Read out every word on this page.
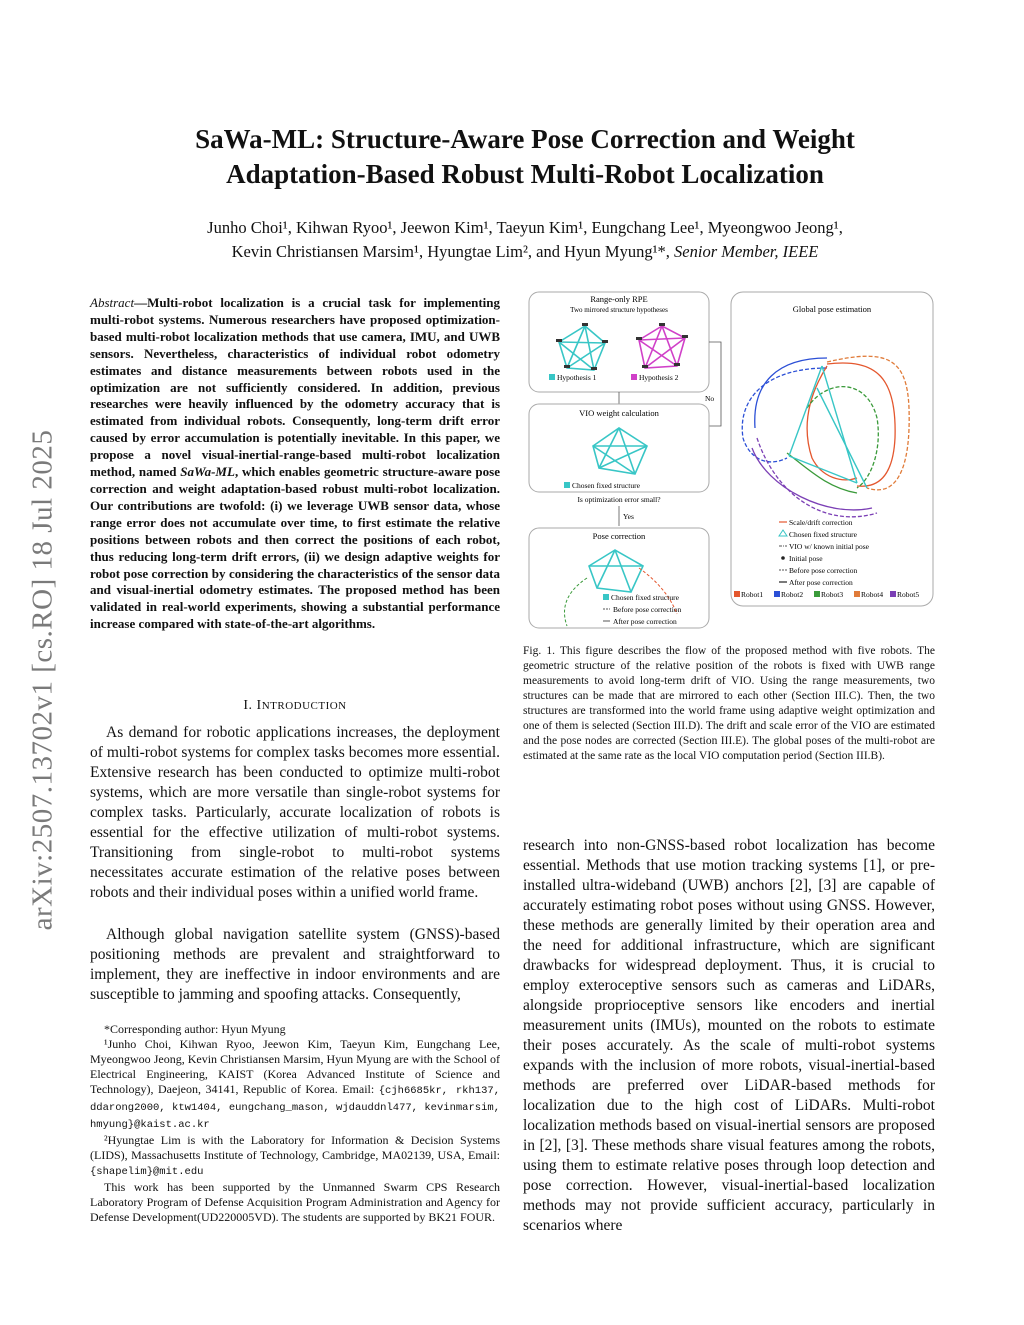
arXiv:2507.13702v1 [cs.RO] 18 Jul 2025
SaWa-ML: Structure-Aware Pose Correction and Weight
Adaptation-Based Robust Multi-Robot Localization
Junho Choi¹, Kihwan Ryoo¹, Jeewon Kim¹, Taeyun Kim¹, Eungchang Lee¹, Myeongwoo Jeong¹,
Kevin Christiansen Marsim¹, Hyungtae Lim², and Hyun Myung¹*, Senior Member, IEEE
Abstract—Multi-robot localization is a crucial task for implementing multi-robot systems. Numerous researchers have proposed optimization-based multi-robot localization methods that use camera, IMU, and UWB sensors. Nevertheless, characteristics of individual robot odometry estimates and distance measurements between robots used in the optimization are not sufficiently considered. In addition, previous researches were heavily influenced by the odometry accuracy that is estimated from individual robots. Consequently, long-term drift error caused by error accumulation is potentially inevitable. In this paper, we propose a novel visual-inertial-range-based multi-robot localization method, named SaWa-ML, which enables geometric structure-aware pose correction and weight adaptation-based robust multi-robot localization. Our contributions are twofold: (i) we leverage UWB sensor data, whose range error does not accumulate over time, to first estimate the relative positions between robots and then correct the positions of each robot, thus reducing long-term drift errors, (ii) we design adaptive weights for robot pose correction by considering the characteristics of the sensor data and visual-inertial odometry estimates. The proposed method has been validated in real-world experiments, showing a substantial performance increase compared with state-of-the-art algorithms.
I. INTRODUCTION

As demand for robotic applications increases, the deployment of multi-robot systems for complex tasks becomes more essential. Extensive research has been conducted to optimize multi-robot systems, which are more versatile than single-robot systems for complex tasks. Particularly, accurate localization of robots is essential for the effective utilization of multi-robot systems. Transitioning from single-robot to multi-robot systems necessitates accurate estimation of the relative poses between robots and their individual poses within a unified world frame.

Although global navigation satellite system (GNSS)-based positioning methods are prevalent and straightforward to implement, they are ineffective in indoor environments and are susceptible to jamming and spoofing attacks. Consequently,

*Corresponding author: Hyun Myung

¹Junho Choi, Kihwan Ryoo, Jeewon Kim, Taeyun Kim, Eungchang Lee, Myeongwoo Jeong, Kevin Christiansen Marsim, Hyun Myung are with the School of Electrical Engineering, KAIST (Korea Advanced Institute of Science and Technology), Daejeon, 34141, Republic of Korea. Email: {cjh6685kr, rkh137, ddarong2000, ktw1404, eungchang_mason, wjdauddnl477, kevinmarsim, hmyung}@kaist.ac.kr

²Hyungtae Lim is with the Laboratory for Information & Decision Systems (LIDS), Massachusetts Institute of Technology, Cambridge, MA02139, USA, Email: {shapelim}@mit.edu

This work has been supported by the Unmanned Swarm CPS Research Laboratory Program of Defense Acquisition Program Administration and Agency for Defense Development(UD220005VD). The students are supported by BK21 FOUR.

Range-only RPE
Two mirrored structure hypotheses
Hypothesis 1	Hypothesis 2
No
VIO weight calculation
Chosen fixed structure
Is optimization error small?
Yes
Pose correction
Chosen fixed structure
Before pose correction
After pose correction
Global pose estimation
Scale/drift correction
Chosen fixed structure
VIO w/ known initial pose
Initial pose
Before pose correction
After pose correction
Robot1 Robot2 Robot3 Robot4 Robot5
Fig. 1. This figure describes the flow of the proposed method with five robots. The geometric structure of the relative position of the robots is fixed with UWB range measurements to avoid long-term drift of VIO. Using the range measurements, two structures can be made that are mirrored to each other (Section III.C). Then, the two structures are transformed into the world frame using adaptive weight optimization and one of them is selected (Section III.D). The drift and scale error of the VIO are estimated and the pose nodes are corrected (Section III.E). The global poses of the multi-robot are estimated at the same rate as the local VIO computation period (Section III.B).

research into non-GNSS-based robot localization has become essential. Methods that use motion tracking systems [1], or pre-installed ultra-wideband (UWB) anchors [2], [3] are capable of accurately estimating robot poses without using GNSS. However, these methods are generally limited by their operation area and the need for additional infrastructure, which are significant drawbacks for widespread deployment. Thus, it is crucial to employ exteroceptive sensors such as cameras and LiDARs, alongside proprioceptive sensors like encoders and inertial measurement units (IMUs), mounted on the robots to estimate their poses accurately. As the scale of multi-robot systems expands with the inclusion of more robots, visual-inertial-based methods are preferred over LiDAR-based methods for localization due to the high cost of LiDARs. Multi-robot localization methods based on visual-inertial sensors are proposed in [2], [3]. These methods share visual features among the robots, using them to estimate relative poses through loop detection and pose correction. However, visual-inertial-based localization methods may not provide sufficient accuracy, particularly in scenarios where
